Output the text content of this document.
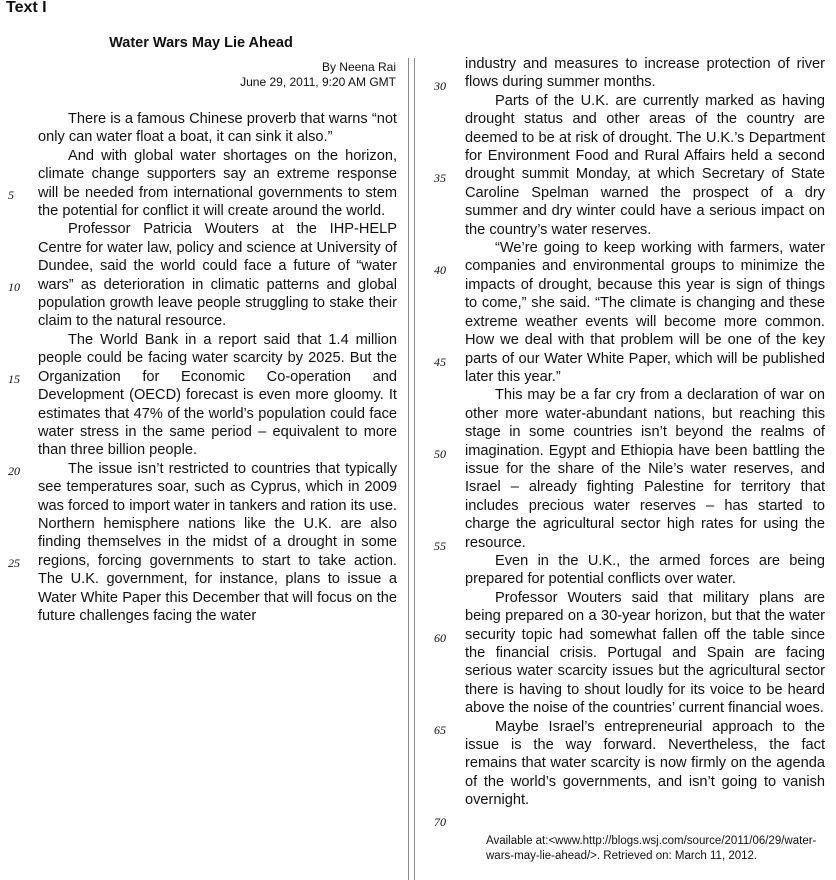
Text I
Water Wars May Lie Ahead
By Neena Rai
June 29, 2011, 9:20 AM GMT

There is a famous Chinese proverb that warns “not only can water float a boat, it can sink it also.”

And with global water shortages on the horizon, climate change supporters say an extreme response will be needed from international governments to stem the potential for conflict it will create around the world.

Professor Patricia Wouters at the IHP-HELP Centre for water law, policy and science at University of Dundee, said the world could face a future of “water wars” as deterioration in climatic patterns and global population growth leave people struggling to stake their claim to the natural resource.

The World Bank in a report said that 1.4 million people could be facing water scarcity by 2025. But the Organization for Economic Co-operation and Development (OECD) forecast is even more gloomy. It estimates that 47% of the world’s population could face water stress in the same period – equivalent to more than three billion people.

The issue isn’t restricted to countries that typically see temperatures soar, such as Cyprus, which in 2009 was forced to import water in tankers and ration its use. Northern hemisphere nations like the U.K. are also finding themselves in the midst of a drought in some regions, forcing governments to start to take action. The U.K. government, for instance, plans to issue a Water White Paper this December that will focus on the future challenges facing the water

industry and measures to increase protection of river flows during summer months.

Parts of the U.K. are currently marked as having drought status and other areas of the country are deemed to be at risk of drought. The U.K.’s Department for Environment Food and Rural Affairs held a second drought summit Monday, at which Secretary of State Caroline Spelman warned the prospect of a dry summer and dry winter could have a serious impact on the country’s water reserves.

“We’re going to keep working with farmers, water companies and environmental groups to minimize the impacts of drought, because this year is sign of things to come,” she said. “The climate is changing and these extreme weather events will become more common. How we deal with that problem will be one of the key parts of our Water White Paper, which will be published later this year.”

This may be a far cry from a declaration of war on other more water-abundant nations, but reaching this stage in some countries isn’t beyond the realms of imagination. Egypt and Ethiopia have been battling the issue for the share of the Nile’s water reserves, and Israel – already fighting Palestine for territory that includes precious water reserves – has started to charge the agricultural sector high rates for using the resource.

Even in the U.K., the armed forces are being prepared for potential conflicts over water.

Professor Wouters said that military plans are being prepared on a 30-year horizon, but that the water security topic had somewhat fallen off the table since the financial crisis. Portugal and Spain are facing serious water scarcity issues but the agricultural sector there is having to shout loudly for its voice to be heard above the noise of the countries’ current financial woes.

Maybe Israel’s entrepreneurial approach to the issue is the way forward. Nevertheless, the fact remains that water scarcity is now firmly on the agenda of the world’s governments, and isn’t going to vanish overnight.

5
10
15
20
25
30
35
40
45
50
55
60
65
70
Available at:<www.http://blogs.wsj.com/source/2011/06/29/water-wars-may-lie-ahead/>. Retrieved on: March 11, 2012.
